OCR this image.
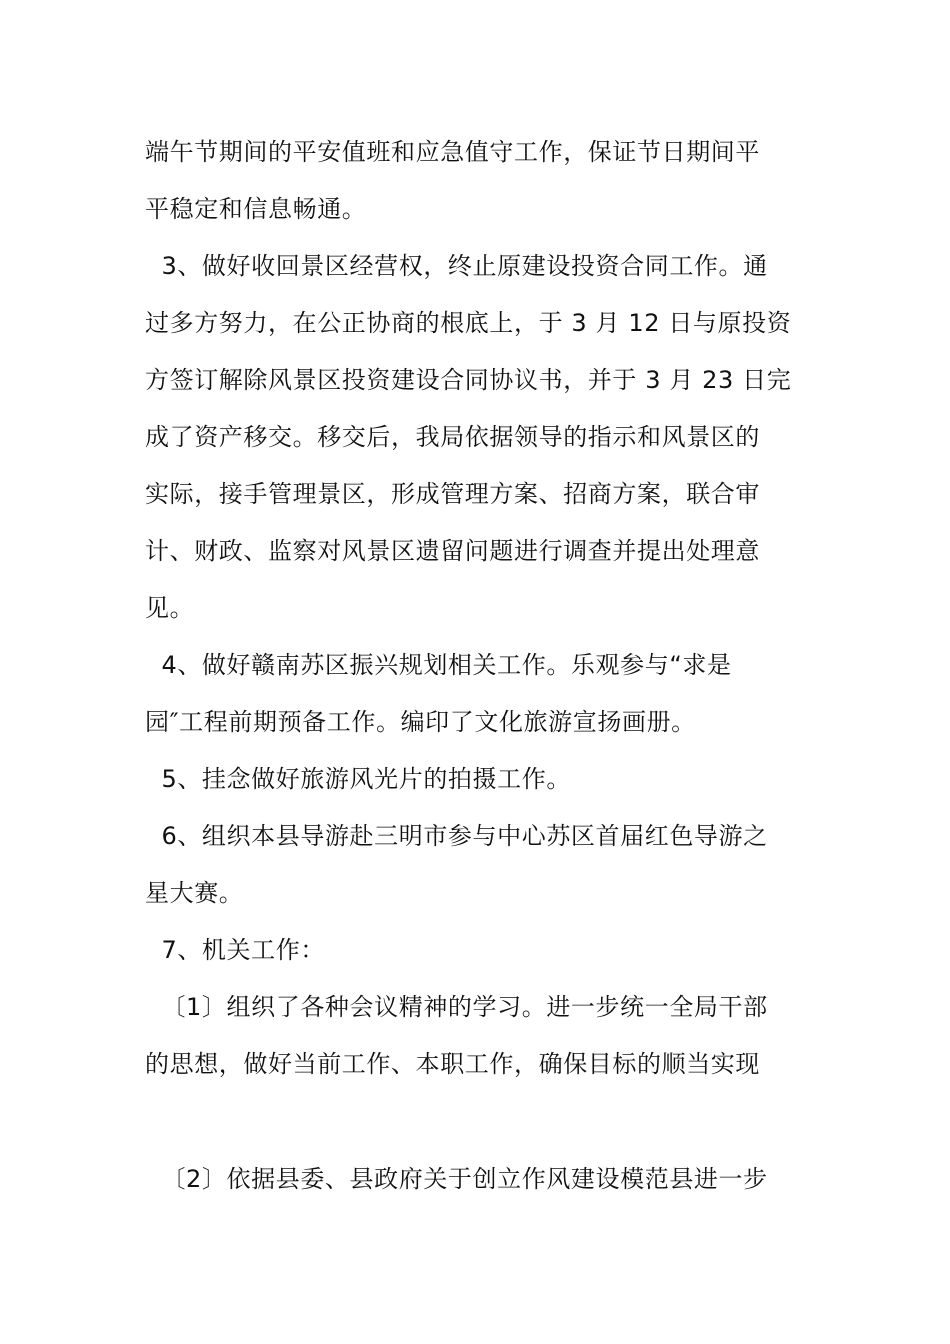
端午节期间的平安值班和应急值守工作，保证节日期间平
平稳定和信息畅通。
3、做好收回景区经营权，终止原建设投资合同工作。通
过多方努力，在公正协商的根底上，于 3 月 12 日与原投资
方签订解除风景区投资建设合同协议书，并于 3 月 23 日完
成了资产移交。移交后，我局依据领导的指示和风景区的
实际，接手管理景区，形成管理方案、招商方案，联合审
计、财政、监察对风景区遗留问题进行调查并提出处理意
见。
4、做好赣南苏区振兴规划相关工作。乐观参与“求是
园″工程前期预备工作。编印了文化旅游宣扬画册。
5、挂念做好旅游风光片的拍摄工作。
6、组织本县导游赴三明市参与中心苏区首届红色导游之
星大赛。
7、机关工作：
〔1〕组织了各种会议精神的学习。进一步统一全局干部
的思想，做好当前工作、本职工作，确保目标的顺当实现
〔2〕依据县委、县政府关于创立作风建设模范县进一步
